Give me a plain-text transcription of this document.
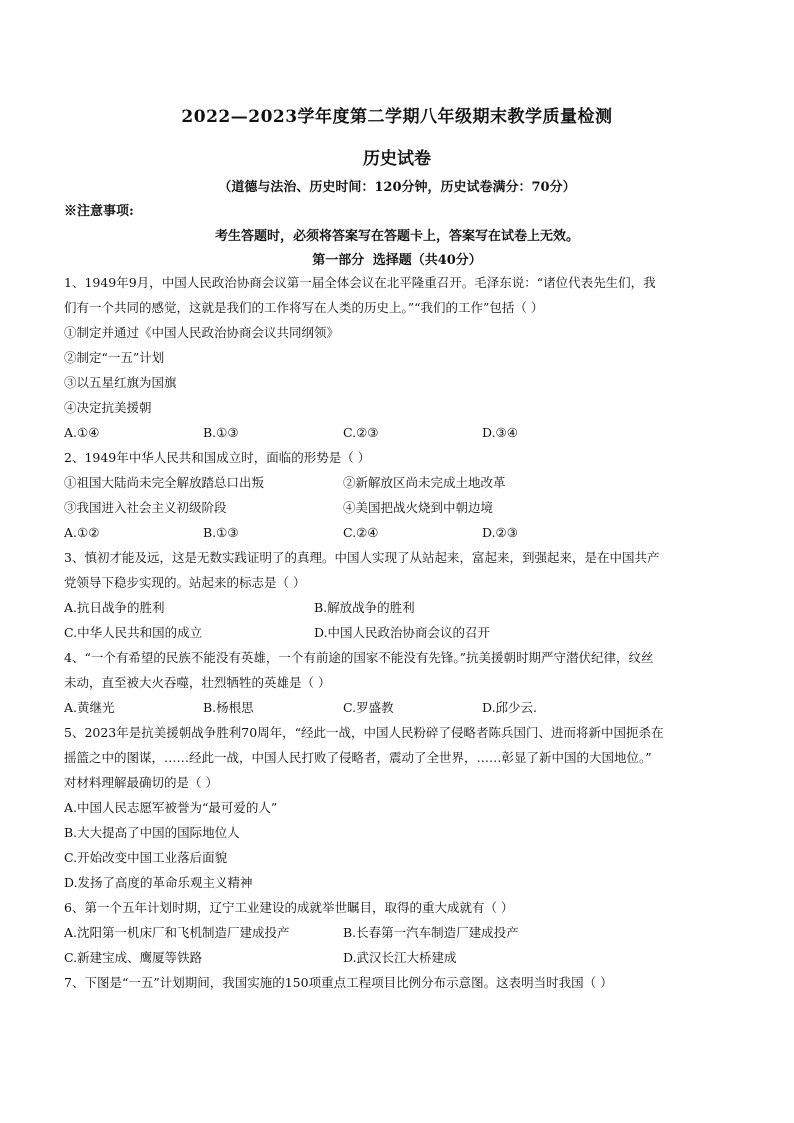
2022—2023学年度第二学期八年级期末教学质量检测
历史试卷
（道德与法治、历史时间：120分钟，历史试卷满分：70分）
※注意事项:
考生答题时，必须将答案写在答题卡上，答案写在试卷上无效。
第一部分 选择题（共40分）
1、1949年9月，中国人民政治协商会议第一届全体会议在北平隆重召开。毛泽东说：“诸位代表先生们，我
们有一个共同的感觉，这就是我们的工作将写在人类的历史上。”“我们的工作”包括（ ）
①制定并通过《中国人民政治协商会议共同纲领》
②制定“一五”计划
③以五星红旗为国旗
④决定抗美援朝
A.①④	B.①③	C.②③	D.③④
2、1949年中华人民共和国成立时，面临的形势是（ ）
①祖国大陆尚未完全解放踏总口出叛	②新解放区尚未完成土地改革
③我国进入社会主义初级阶段	④美国把战火烧到中朝边境
A.①②	B.①③	C.②④	D.②③
3、慎初才能及远，这是无数实践证明了的真理。中国人实现了从站起来，富起来，到强起来，是在中国共产
党领导下稳步实现的。站起来的标志是（ ）
A.抗日战争的胜利	B.解放战争的胜利
C.中华人民共和国的成立	D.中国人民政治协商会议的召开
4、“一个有希望的民族不能没有英雄，一个有前途的国家不能没有先锋。”抗美援朝时期严守潜伏纪律，纹丝
未动，直至被大火吞噬，壮烈牺牲的英雄是（ ）
A.黄继光	B.杨根思	C.罗盛教	D.邱少云.
5、2023年是抗美援朝战争胜利70周年，“经此一战，中国人民粉碎了侵略者陈兵国门、进而将新中国扼杀在
摇篮之中的图谋，……经此一战，中国人民打败了侵略者，震动了全世界，……彰显了新中国的大国地位。”
对材料理解最确切的是（ ）
A.中国人民志愿军被誉为“最可爱的人”
B.大大提高了中国的国际地位人
C.开始改变中国工业落后面貌
D.发扬了高度的革命乐观主义精神
6、第一个五年计划时期，辽宁工业建设的成就举世瞩目，取得的重大成就有（ ）
A.沈阳第一机床厂和飞机制造厂建成投产	B.长春第一汽车制造厂建成投产
C.新建宝成、鹰厦等铁路	D.武汉长江大桥建成
7、下图是“一五”计划期间，我国实施的150项重点工程项目比例分布示意图。这表明当时我国（ ）
